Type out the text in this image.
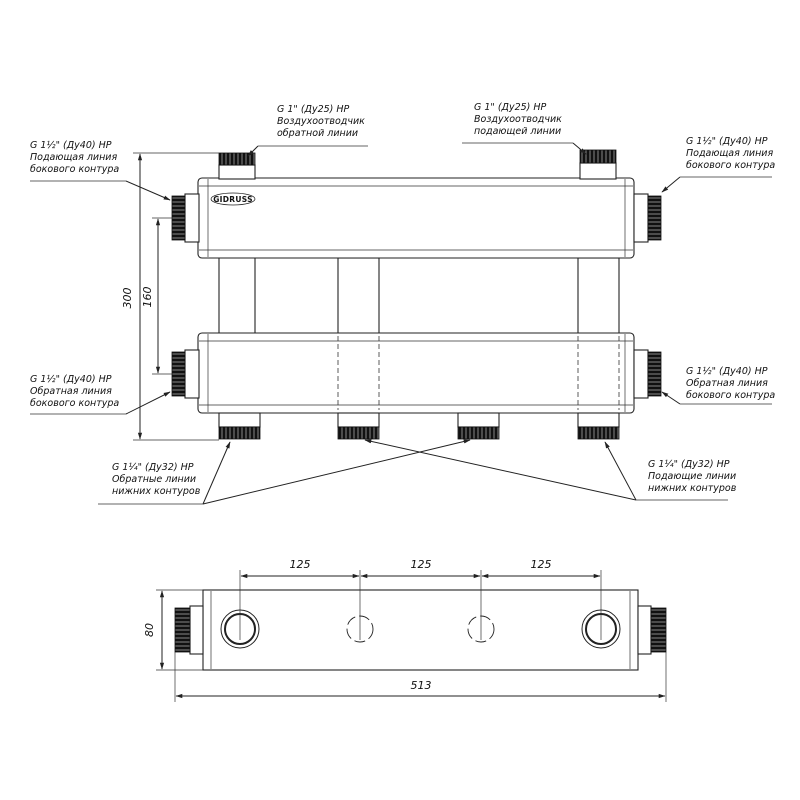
GIDRUSS
300 160
G 1" (Ду25) НР
Воздухоотводчик
обратной линии
G 1" (Ду25) НР
Воздухоотводчик
подающей линии
G 1½" (Ду40) НР
Подающая линия
бокового контура
G 1½" (Ду40) НР
Подающая линия
бокового контура
G 1½" (Ду40) НР
Обратная линия
бокового контура
G 1½" (Ду40) НР
Обратная линия
бокового контура
G 1¼" (Ду32) НР
Обратные линии
нижних контуров
G 1¼" (Ду32) НР
Подающие линии
нижних контуров
125	125	125
80
513
